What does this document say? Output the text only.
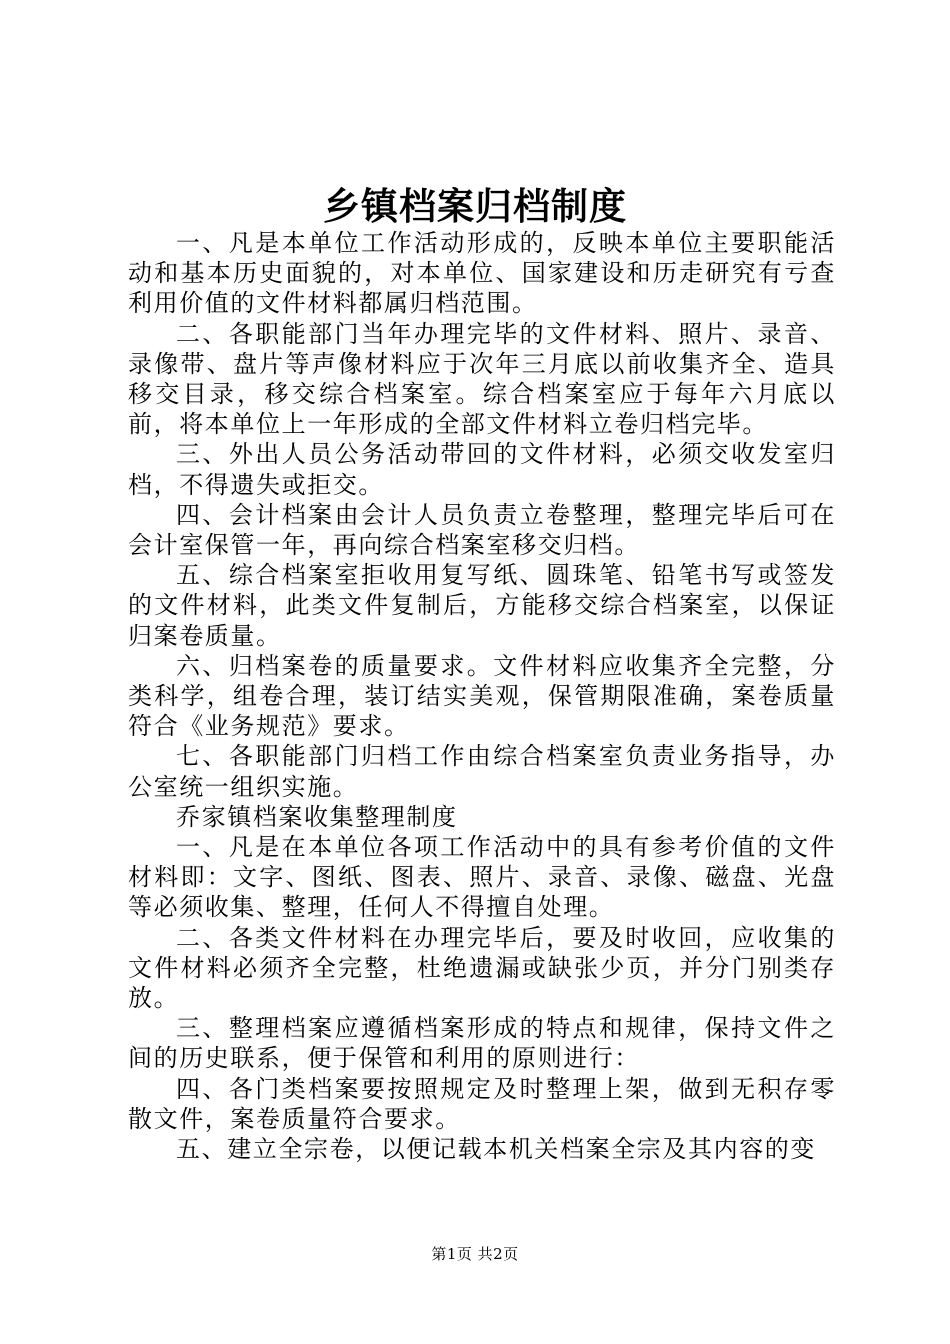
乡镇档案归档制度

一、凡是本单位工作活动形成的，反映本单位主要职能活动和基本历史面貌的，对本单位、国家建设和历走研究有亏查利用价值的文件材料都属归档范围。

二、各职能部门当年办理完毕的文件材料、照片、录音、录像带、盘片等声像材料应于次年三月底以前收集齐全、造具移交目录，移交综合档案室。综合档案室应于每年六月底以前，将本单位上一年形成的全部文件材料立卷归档完毕。

三、外出人员公务活动带回的文件材料，必须交收发室归档，不得遗失或拒交。

四、会计档案由会计人员负责立卷整理，整理完毕后可在会计室保管一年，再向综合档案室移交归档。

五、综合档案室拒收用复写纸、圆珠笔、铅笔书写或签发的文件材料，此类文件复制后，方能移交综合档案室，以保证归案卷质量。

六、归档案卷的质量要求。文件材料应收集齐全完整，分类科学，组卷合理，装订结实美观，保管期限准确，案卷质量符合《业务规范》要求。

七、各职能部门归档工作由综合档案室负责业务指导，办公室统一组织实施。

乔家镇档案收集整理制度

一、凡是在本单位各项工作活动中的具有参考价值的文件材料即：文字、图纸、图表、照片、录音、录像、磁盘、光盘等必须收集、整理，任何人不得擅自处理。

二、各类文件材料在办理完毕后，要及时收回，应收集的文件材料必须齐全完整，杜绝遗漏或缺张少页，并分门别类存放。

三、整理档案应遵循档案形成的特点和规律，保持文件之间的历史联系，便于保管和利用的原则进行：

四、各门类档案要按照规定及时整理上架，做到无积存零散文件，案卷质量符合要求。

五、建立全宗卷，以便记载本机关档案全宗及其内容的变

第1页 共2页
